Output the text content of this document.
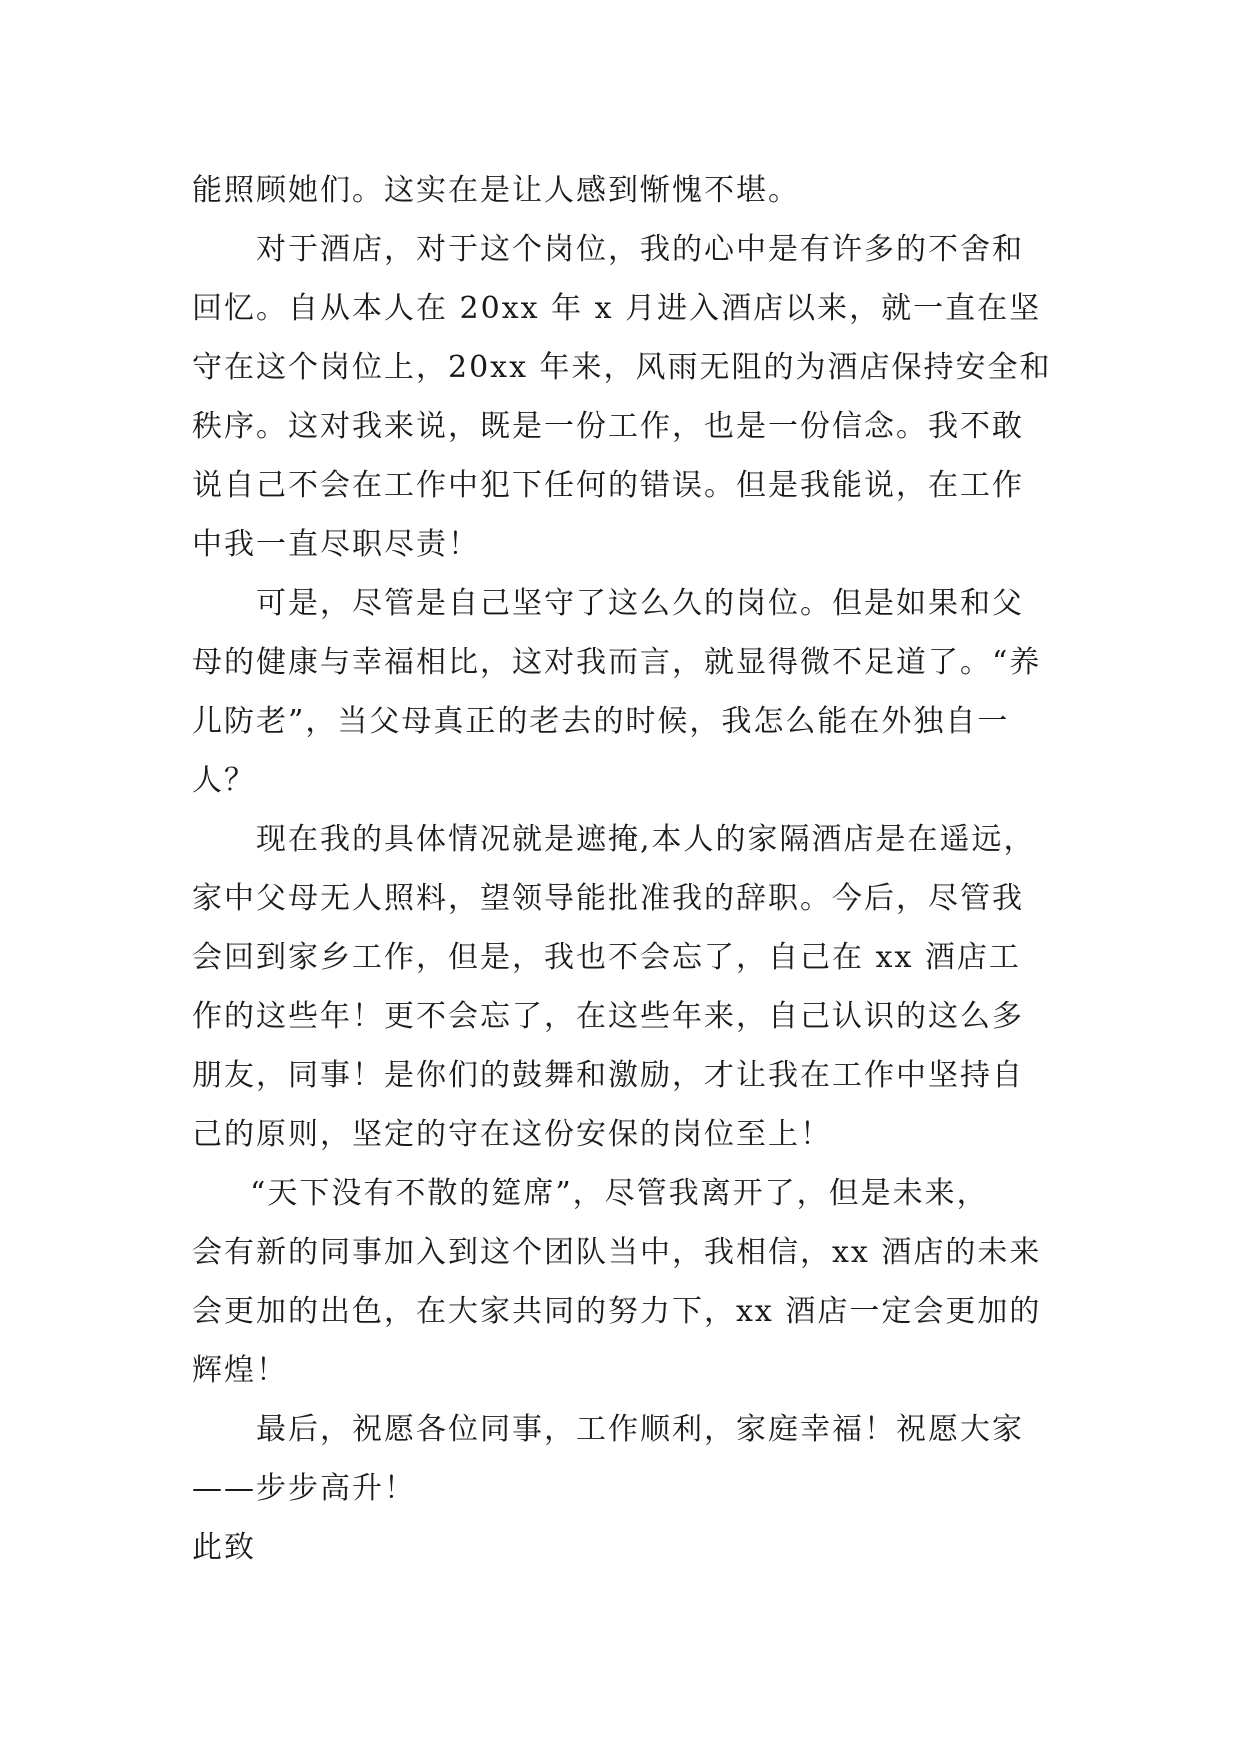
能照顾她们。这实在是让人感到惭愧不堪。
对于酒店，对于这个岗位，我的心中是有许多的不舍和
回忆。自从本人在 20xx 年 x 月进入酒店以来，就一直在坚
守在这个岗位上，20xx 年来，风雨无阻的为酒店保持安全和
秩序。这对我来说，既是一份工作，也是一份信念。我不敢
说自己不会在工作中犯下任何的错误。但是我能说，在工作
中我一直尽职尽责！
可是，尽管是自己坚守了这么久的岗位。但是如果和父
母的健康与幸福相比，这对我而言，就显得微不足道了。“养
儿防老”，当父母真正的老去的时候，我怎么能在外独自一
人？
现在我的具体情况就是遮掩,本人的家隔酒店是在遥远，
家中父母无人照料，望领导能批准我的辞职。今后，尽管我
会回到家乡工作，但是，我也不会忘了，自己在 xx 酒店工
作的这些年！更不会忘了，在这些年来，自己认识的这么多
朋友，同事！是你们的鼓舞和激励，才让我在工作中坚持自
己的原则，坚定的守在这份安保的岗位至上！
“天下没有不散的筵席”，尽管我离开了，但是未来，
会有新的同事加入到这个团队当中，我相信，xx 酒店的未来
会更加的出色，在大家共同的努力下，xx 酒店一定会更加的
辉煌！
最后，祝愿各位同事，工作顺利，家庭幸福！祝愿大家
——步步高升！
此致
